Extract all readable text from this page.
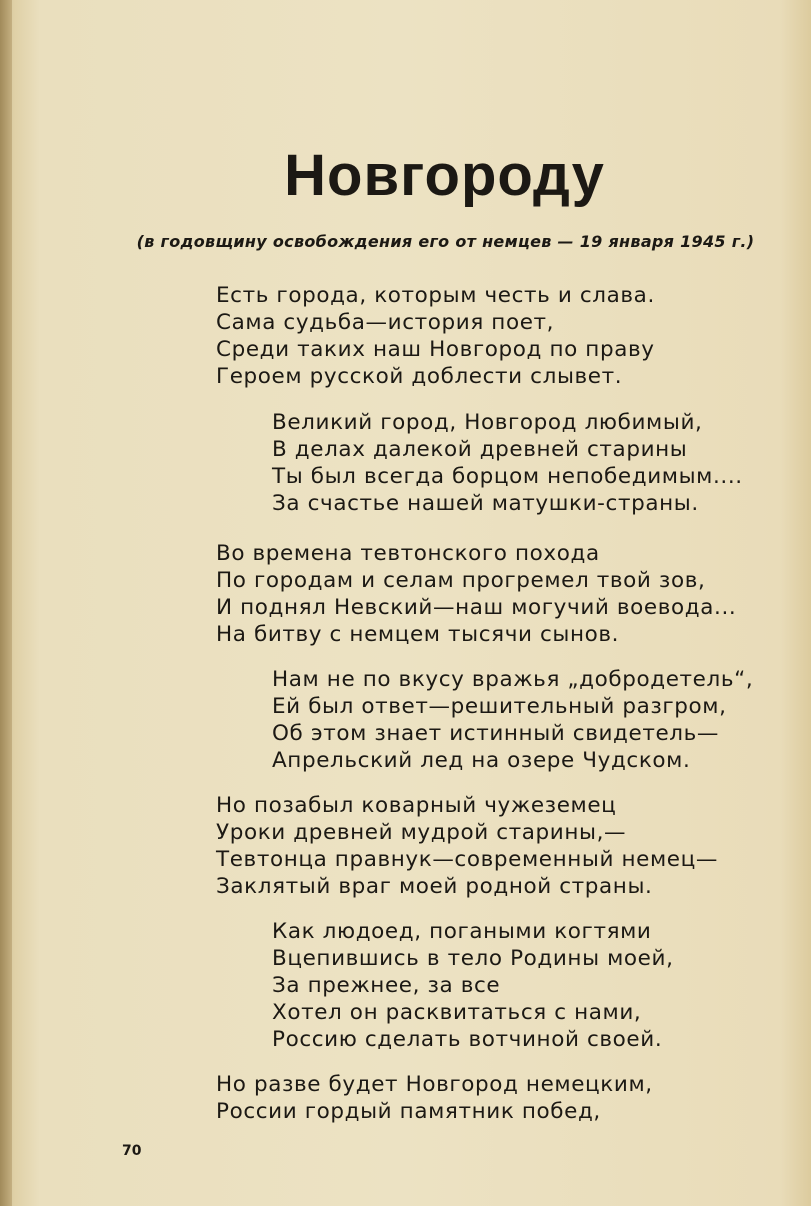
Новгороду
(в годовщину освобождения его от немцев — 19 января 1945 г.)
Есть города, которым честь и слава.
Сама судьба—история поет,
Среди таких наш Новгород по праву
Героем русской доблести слывет.
Великий город, Новгород любимый,
В делах далекой древней старины
Ты был всегда борцом непобедимым....
За счастье нашей матушки-страны.
Во времена тевтонского похода
По городам и селам прогремел твой зов,
И поднял Невский—наш могучий воевода...
На битву с немцем тысячи сынов.
Нам не по вкусу вражья „добродетель“,
Ей был ответ—решительный разгром,
Об этом знает истинный свидетель—
Апрельский лед на озере Чудском.
Но позабыл коварный чужеземец
Уроки древней мудрой старины,—
Тевтонца правнук—современный немец—
Заклятый враг моей родной страны.
Как людоед, погаными когтями
Вцепившись в тело Родины моей,
За прежнее, за все
Хотел он расквитаться с нами,
Россию сделать вотчиной своей.
Но разве будет Новгород немецким,
России гордый памятник побед,
70
